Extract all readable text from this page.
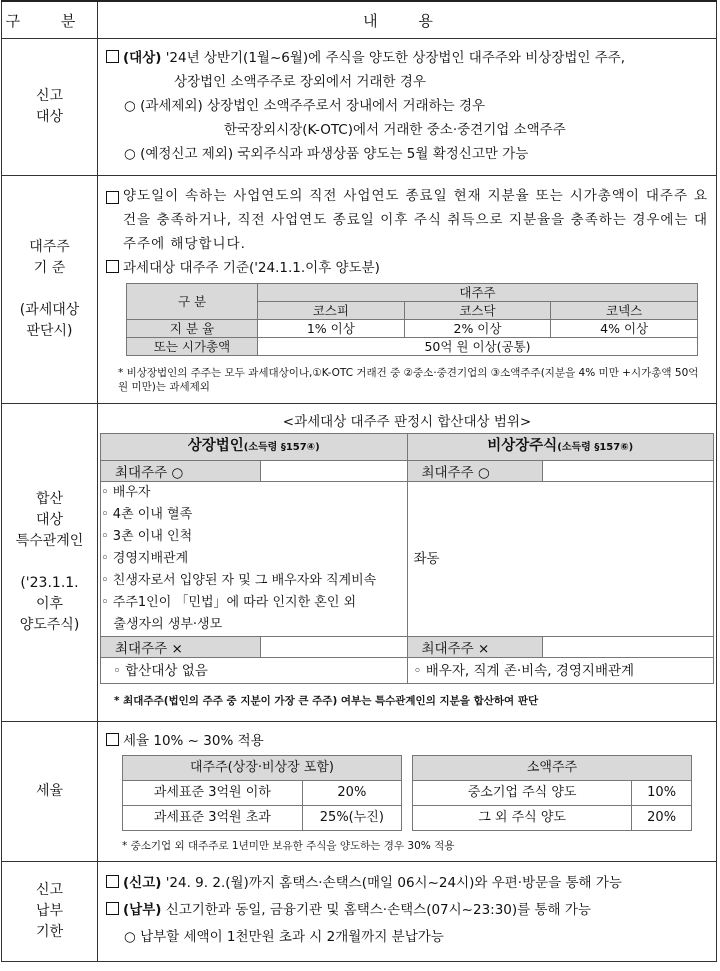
구 분	내 용

신고
대상

(대상) '24년 상반기(1월~6월)에 주식을 양도한 상장법인 대주주와 비상장법인 주주,
상장법인 소액주주로 장외에서 거래한 경우
○ (과세제외) 상장법인 소액주주로서 장내에서 거래하는 경우
한국장외시장(K-OTC)에서 거래한 중소·중견기업 소액주주
○ (예정신고 제외) 국외주식과 파생상품 양도는 5월 확정신고만 가능

대주주
기 준
(과세대상
판단시)

양도일이 속하는 사업연도의 직전 사업연도 종료일 현재 지분율 또는 시가총액이 대주주 요건을 충족하거나, 직전 사업연도 종료일 이후 주식 취득으로 지분율을 충족하는 경우에는 대주주에 해당합니다.
과세대상 대주주 기준('24.1.1.이후 양도분)
구 분	대주주
코스피	코스닥	코넥스
지 분 율	1% 이상	2% 이상	4% 이상
또는 시가총액	50억 원 이상(공통)
* 비상장법인의 주주는 모두 과세대상이나,①K-OTC 거래건 중 ②중소·중견기업의 ③소액주주(지분을 4% 미만 +시가총액 50억원 미만)는 과세제외

합산
대상
특수관계인
('23.1.1.
이후
양도주식)

<과세대상 대주주 판정시 합산대상 범위>
상장법인(소득령 §157④)	비상장주식(소득령 §157⑥)

최대주주 ○	최대주주 ○

◦ 배우자
◦ 4촌 이내 혈족
◦ 3촌 이내 인척
◦ 경영지배관계
◦ 친생자로서 입양된 자 및 그 배우자와 직계비속
◦ 주주1인이 「민법」에 따라 인지한 혼인 외
출생자의 생부·생모
	좌동

최대주주 ×	최대주주 ×

◦ 합산대상 없음	◦ 배우자, 직계 존·비속, 경영지배관계
* 최대주주(법인의 주주 중 지분이 가장 큰 주주) 여부는 특수관계인의 지분을 합산하여 판단

세율

세율 10% ~ 30% 적용
대주주(상장·비상장 포함)
과세표준 3억원 이하	20%
과세표준 3억원 초과	25%(누진)
소액주주
중소기업 주식 양도	10%
그 외 주식 양도	20%
* 중소기업 외 대주주로 1년미만 보유한 주식을 양도하는 경우 30% 적용

신고
납부
기한

(신고) '24. 9. 2.(월)까지 홈택스·손택스(매일 06시~24시)와 우편·방문을 통해 가능
(납부) 신고기한과 동일, 금융기관 및 홈택스·손택스(07시~23:30)를 통해 가능
○ 납부할 세액이 1천만원 초과 시 2개월까지 분납가능
